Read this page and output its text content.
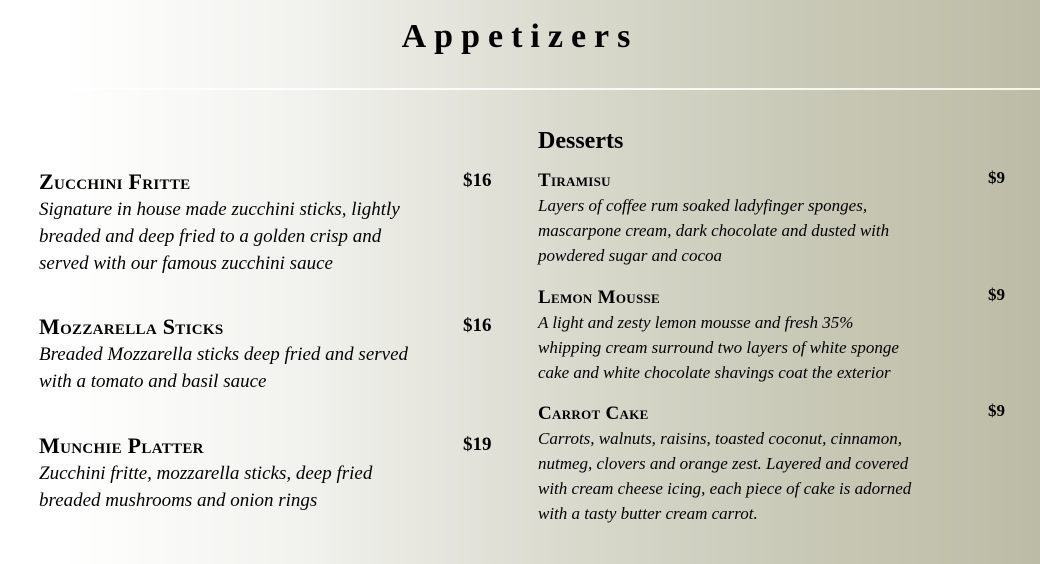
Appetizers
Zucchini Fritte	$16
Signature in house made zucchini sticks, lightly
breaded and deep fried to a golden crisp and
served with our famous zucchini sauce
Mozzarella Sticks	$16
Breaded Mozzarella sticks deep fried and served
with a tomato and basil sauce
Munchie Platter	$19
Zucchini fritte, mozzarella sticks, deep fried
breaded mushrooms and onion rings
Desserts
Tiramisu	$9
Layers of coffee rum soaked ladyfinger sponges,
mascarpone cream, dark chocolate and dusted with
powdered sugar and cocoa
Lemon Mousse	$9
A light and zesty lemon mousse and fresh 35%
whipping cream surround two layers of white sponge
cake and white chocolate shavings coat the exterior
Carrot Cake	$9
Carrots, walnuts, raisins, toasted coconut, cinnamon,
nutmeg, clovers and orange zest. Layered and covered
with cream cheese icing, each piece of cake is adorned
with a tasty butter cream carrot.
